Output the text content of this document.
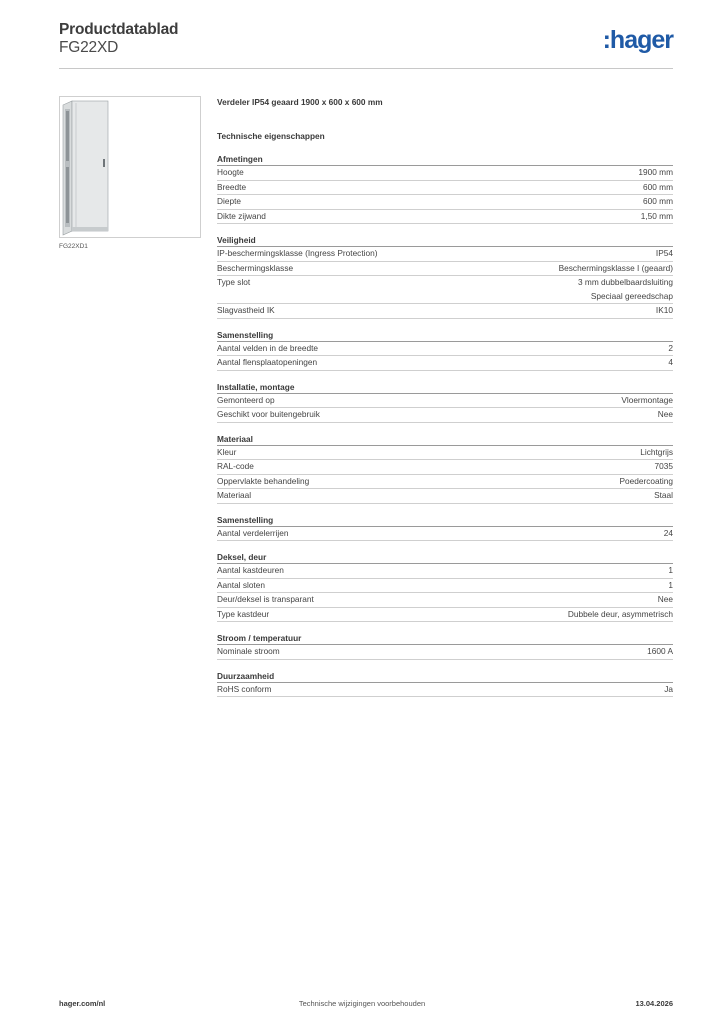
Productdatablad
FG22XD	:hager
FG22XD1
Verdeler IP54 geaard 1900 x 600 x 600 mm
Technische eigenschappen
Afmetingen
Hoogte	1900 mm
Breedte	600 mm
Diepte	600 mm
Dikte zijwand	1,50 mm
Veiligheid
IP-beschermingsklasse (Ingress Protection)	IP54
Beschermingsklasse	Beschermingsklasse I (geaard)
Type slot	3 mm dubbelbaardsluiting
Speciaal gereedschap
Slagvastheid IK	IK10
Samenstelling
Aantal velden in de breedte	2
Aantal flensplaatopeningen	4
Installatie, montage
Gemonteerd op	Vloermontage
Geschikt voor buitengebruik	Nee
Materiaal
Kleur	Lichtgrijs
RAL-code	7035
Oppervlakte behandeling	Poedercoating
Materiaal	Staal
Samenstelling
Aantal verdelerrijen	24
Deksel, deur
Aantal kastdeuren	1
Aantal sloten	1
Deur/deksel is transparant	Nee
Type kastdeur	Dubbele deur, asymmetrisch
Stroom / temperatuur
Nominale stroom	1600 A
Duurzaamheid
RoHS conform	Ja
hager.com/nl	Technische wijzigingen voorbehouden	13.04.2026
